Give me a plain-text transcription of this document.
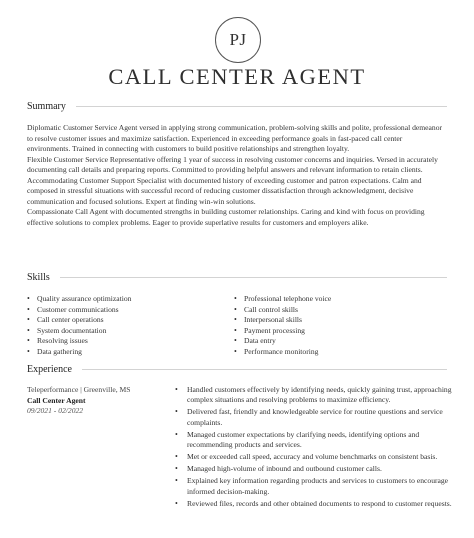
PJ
CALL CENTER AGENT
Summary

Diplomatic Customer Service Agent versed in applying strong communication, problem-solving skills and polite, professional demeanor to resolve customer issues and maximize satisfaction. Experienced in exceeding performance goals in fast-paced call center environments. Trained in connecting with customers to build positive relationships and strengthen loyalty.

Flexible Customer Service Representative offering 1 year of success in resolving customer concerns and inquiries. Versed in accurately documenting call details and preparing reports. Committed to providing helpful answers and relevant information to retain clients.

Accommodating Customer Support Specialist with documented history of exceeding customer and patron expectations. Calm and composed in stressful situations with successful record of reducing customer dissatisfaction through acknowledgment, decisive communication and focused solutions. Expert at finding win-win solutions.

Compassionate Call Agent with documented strengths in building customer relationships. Caring and kind with focus on providing effective solutions to complex problems. Eager to provide superlative results for customers and employers alike.

Skills
• Quality assurance optimization
• Customer communications
• Call center operations
• System documentation
• Resolving issues
• Data gathering
• Professional telephone voice
• Call control skills
• Interpersonal skills
• Payment processing
• Data entry
• Performance monitoring
Experience
Teleperformance | Greenville, MS
Call Center Agent
09/2021 - 02/2022
• Handled customers effectively by identifying needs, quickly gaining trust, approaching complex situations and resolving problems to maximize efficiency.
• Delivered fast, friendly and knowledgeable service for routine questions and service complaints.
• Managed customer expectations by clarifying needs, identifying options and recommending products and services.
• Met or exceeded call speed, accuracy and volume benchmarks on consistent basis.
• Managed high-volume of inbound and outbound customer calls.
• Explained key information regarding products and services to customers to encourage informed decision-making.
• Reviewed files, records and other obtained documents to respond to customer requests.
